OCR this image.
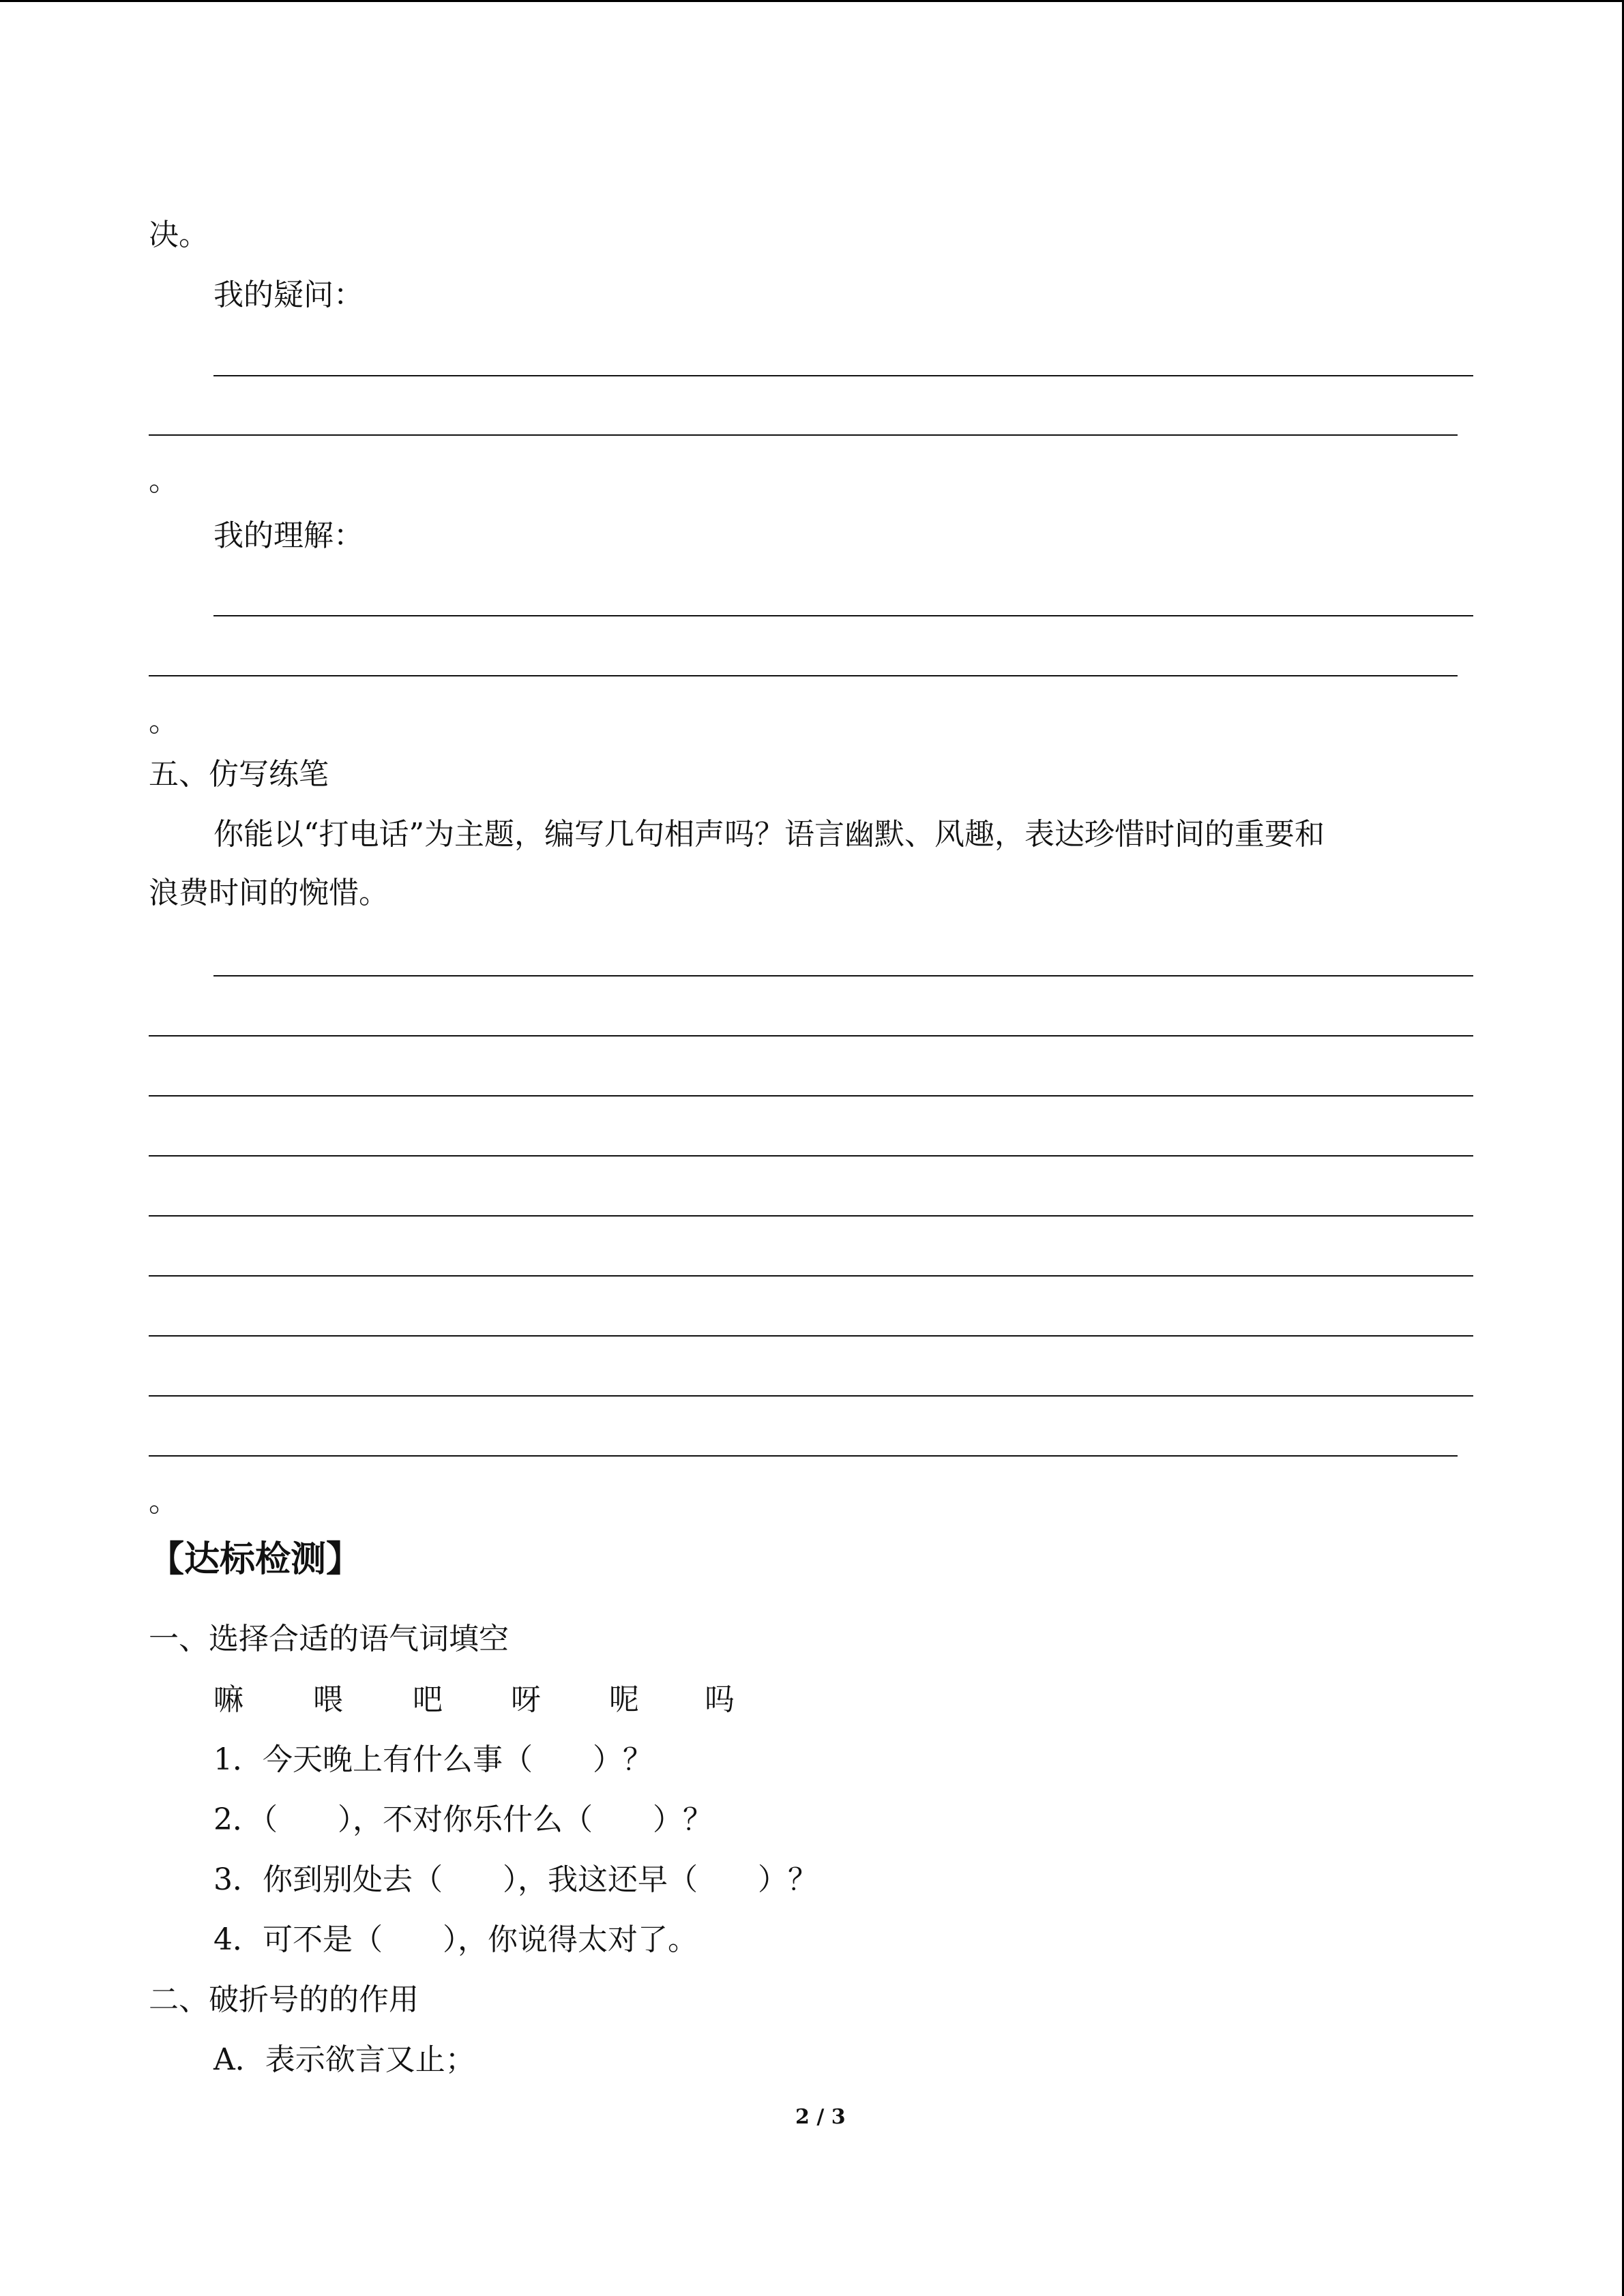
决。
我的疑问：
。
我的理解：
。
五、仿写练笔
你能以“打电话”为主题，编写几句相声吗？语言幽默、风趣，表达珍惜时间的重要和
浪费时间的惋惜。
。
【达标检测】
一、选择合适的语气词填空
嘛 喂 吧 呀 呢 吗
1．今天晚上有什么事（　　）？
2．（　　），不对你乐什么（　　）？
3．你到别处去（　　），我这还早（　　）？
4．可不是（　　），你说得太对了。
二、破折号的的作用
A．表示欲言又止；
2 / 3
